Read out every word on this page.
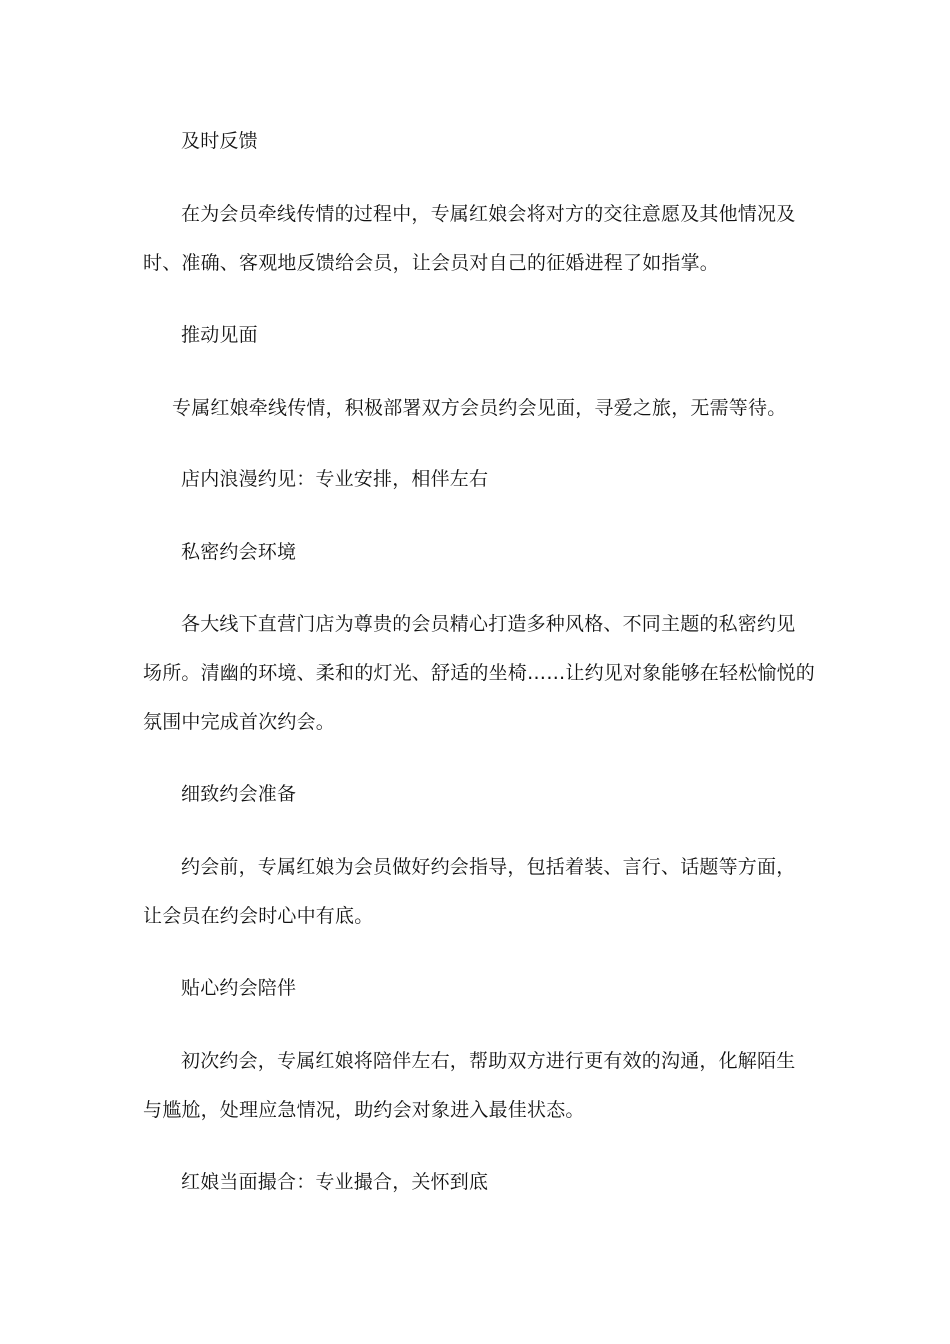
及时反馈
在为会员牵线传情的过程中，专属红娘会将对方的交往意愿及其他情况及
时、准确、客观地反馈给会员，让会员对自己的征婚进程了如指掌。
推动见面
专属红娘牵线传情，积极部署双方会员约会见面，寻爱之旅，无需等待。
店内浪漫约见：专业安排，相伴左右
私密约会环境
各大线下直营门店为尊贵的会员精心打造多种风格、不同主题的私密约见
场所。清幽的环境、柔和的灯光、舒适的坐椅……让约见对象能够在轻松愉悦的
氛围中完成首次约会。
细致约会准备
约会前，专属红娘为会员做好约会指导，包括着装、言行、话题等方面，
让会员在约会时心中有底。
贴心约会陪伴
初次约会，专属红娘将陪伴左右，帮助双方进行更有效的沟通，化解陌生
与尴尬，处理应急情况，助约会对象进入最佳状态。
红娘当面撮合：专业撮合，关怀到底
